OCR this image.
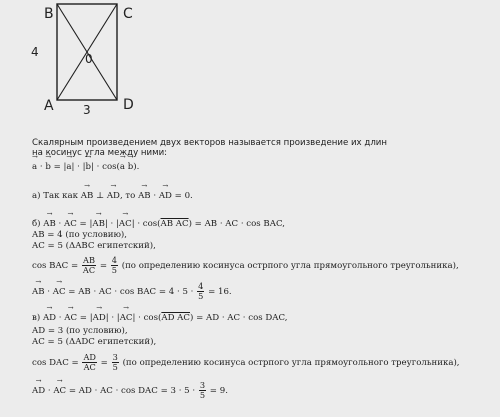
B	C
A	D
0
4
3
Скалярным произведением двух векторов называется произведение их длин
на косинус угла между ними:
→ a · → b = |→ a| · |→ b| · cos(→ a → b).
а) Так как → AB ⊥ → AD, то → AB · → AD = 0.
б) → AB · → AC = |→ AB| · |→ AC| · cos(AB AC) = AB · AC · cos BAC,
AB = 4 (по условию),
AC = 5 (ΔABC египетский),
cos BAC = $\frac{AB}{AC} = \frac{4}{5} (по$ определению косинуса острпого угла прямоугольного треугольника),
→ AB · → AC = AB · AC · cos BAC = $4 \cdot 5 \cdot \frac{4}{5} = 16$.
в) → AD · → AC = |→ AD| · |→ AC| · cos(AD AC) = AD · AC · cos DAC,
AD = 3 (по условию),
AC = 5 (ΔADC египетский),
cos DAC = $\frac{AD}{AC} = \frac{3}{5} (по$ определению косинуса острпого угла прямоугольного треугольника),
→ AD · → AC = AD · AC · cos DAC = $3 \cdot 5 \cdot \frac{3}{5} = 9$.
